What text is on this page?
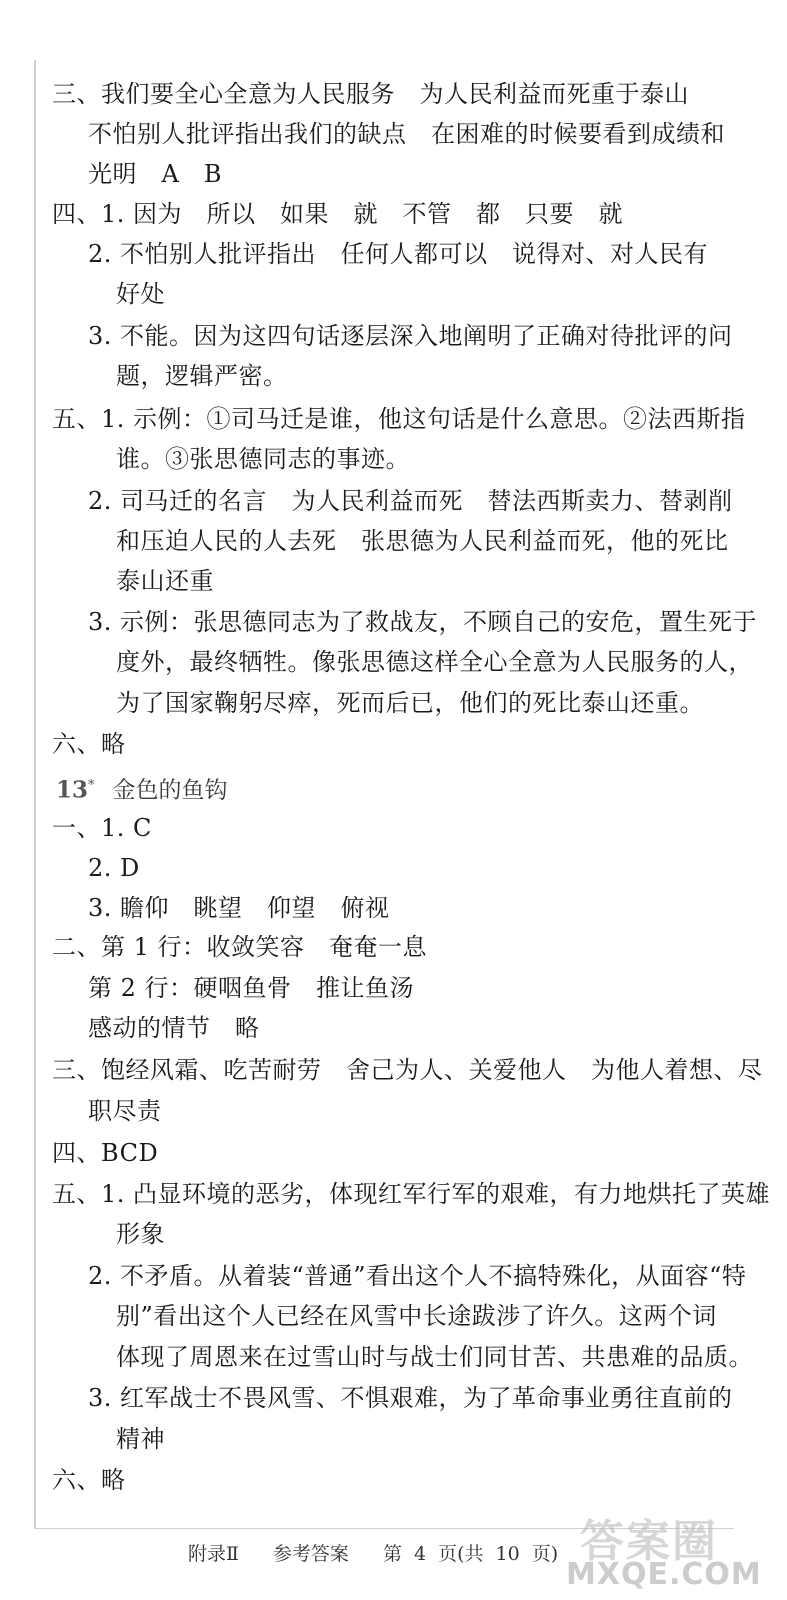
三、我们要全心全意为人民服务　为人民利益而死重于泰山
不怕别人批评指出我们的缺点　在困难的时候要看到成绩和
光明　A　B
四、1. 因为　所以　如果　就　不管　都　只要　就
2. 不怕别人批评指出　任何人都可以　说得对、对人民有
好处
3. 不能。因为这四句话逐层深入地阐明了正确对待批评的问
题，逻辑严密。
五、1. 示例：①司马迁是谁，他这句话是什么意思。②法西斯指
谁。③张思德同志的事迹。
2. 司马迁的名言　为人民利益而死　替法西斯卖力、替剥削
和压迫人民的人去死　张思德为人民利益而死，他的死比
泰山还重
3. 示例：张思德同志为了救战友，不顾自己的安危，置生死于
度外，最终牺牲。像张思德这样全心全意为人民服务的人，
为了国家鞠躬尽瘁，死而后已，他们的死比泰山还重。
六、略
13* 金色的鱼钩
一、1. C
2. D
3. 瞻仰　眺望　仰望　俯视
二、第 1 行：收敛笑容　奄奄一息
第 2 行：硬咽鱼骨　推让鱼汤
感动的情节　略
三、饱经风霜、吃苦耐劳　舍己为人、关爱他人　为他人着想、尽
职尽责
四、BCD
五、1. 凸显环境的恶劣，体现红军行军的艰难，有力地烘托了英雄
形象
2. 不矛盾。从着装“普通”看出这个人不搞特殊化，从面容“特
别”看出这个人已经在风雪中长途跋涉了许久。这两个词
体现了周恩来在过雪山时与战士们同甘苦、共患难的品质。
3. 红军战士不畏风雪、不惧艰难，为了革命事业勇往直前的
精神
六、略
附录Ⅱ 参考答案 第 4 页(共 10 页) 答案圈
MXQE.COM
